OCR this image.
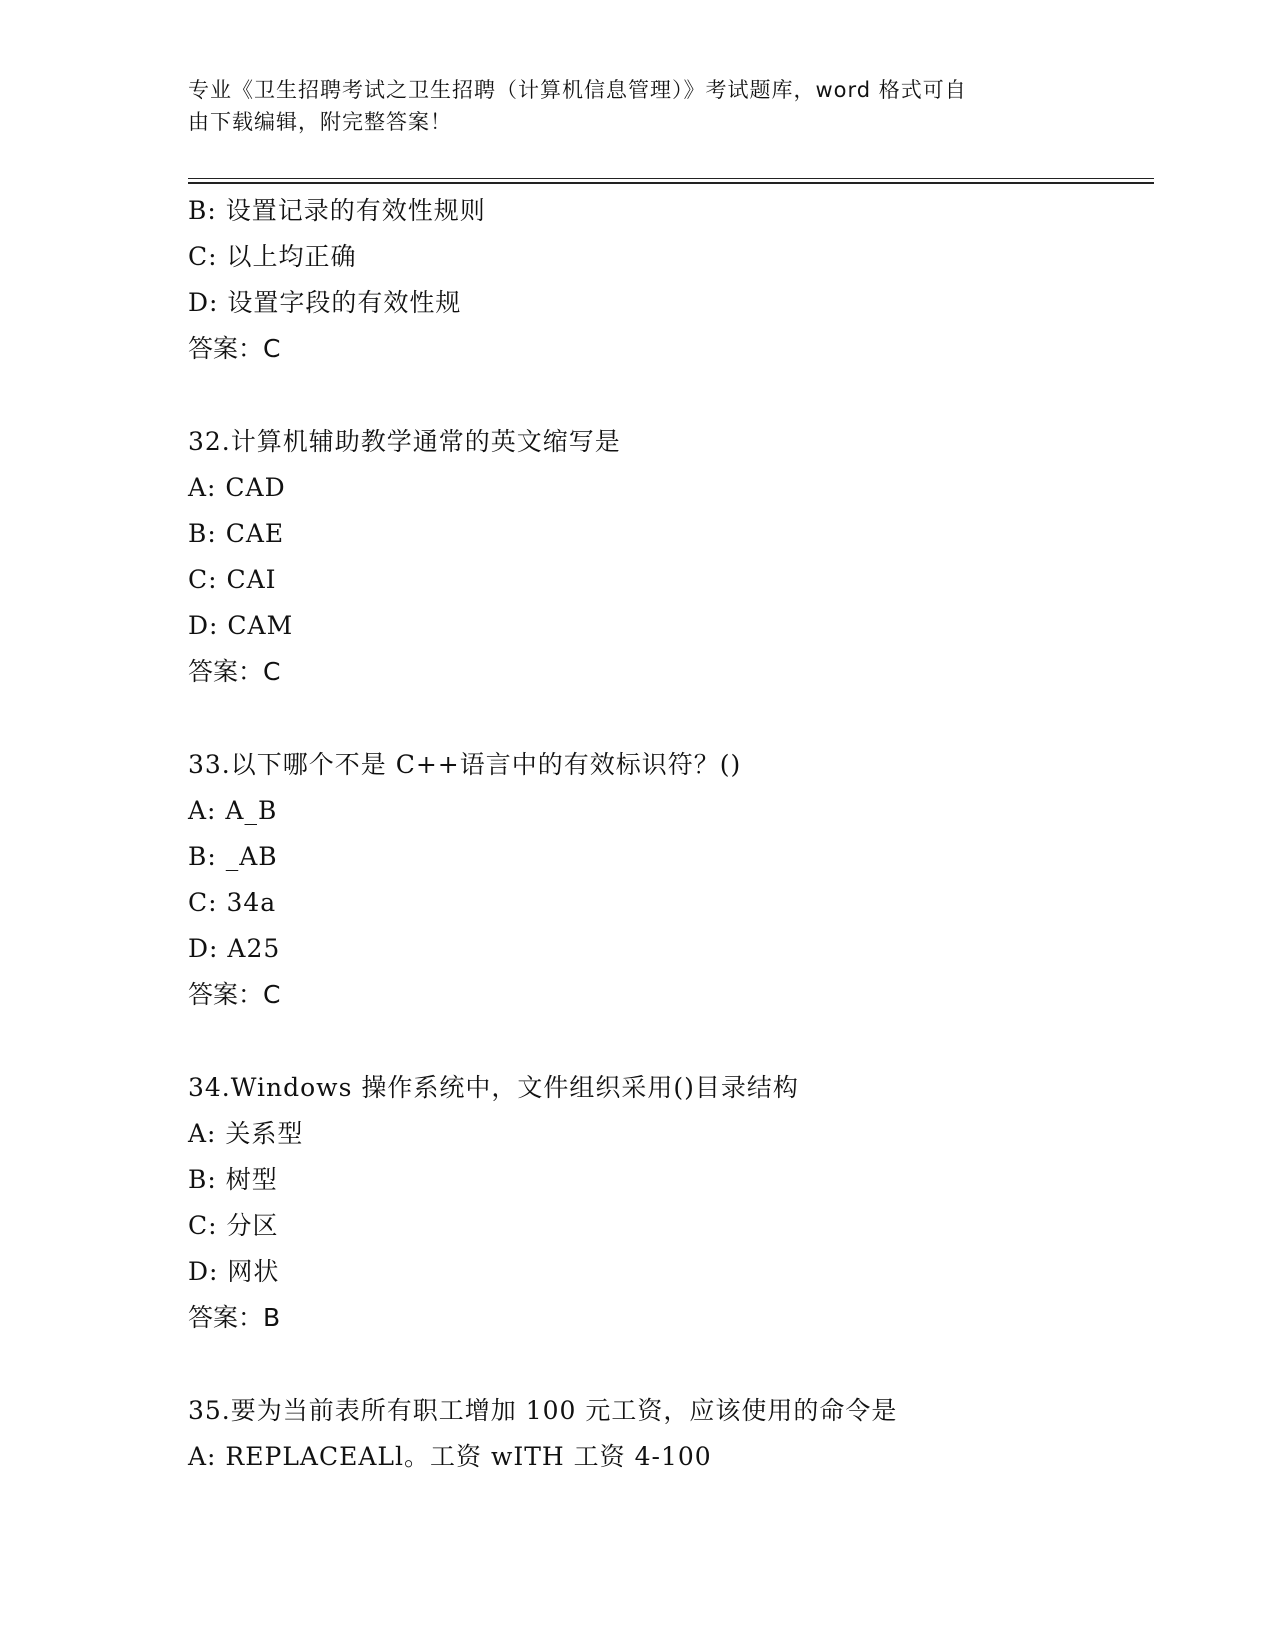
专业《卫生招聘考试之卫生招聘（计算机信息管理）》考试题库，word 格式可自
由下载编辑，附完整答案！
B: 设置记录的有效性规则
C: 以上均正确
D: 设置字段的有效性规
答案：C
32.计算机辅助教学通常的英文缩写是
A: CAD
B: CAE
C: CAI
D: CAM
答案：C
33.以下哪个不是 C++语言中的有效标识符？()
A: A_B
B: _AB
C: 34a
D: A25
答案：C
34.Windows 操作系统中，文件组织采用()目录结构
A: 关系型
B: 树型
C: 分区
D: 网状
答案：B
35.要为当前表所有职工增加 100 元工资，应该使用的命令是
A: REPLACEALl。工资 wITH 工资 4-100
